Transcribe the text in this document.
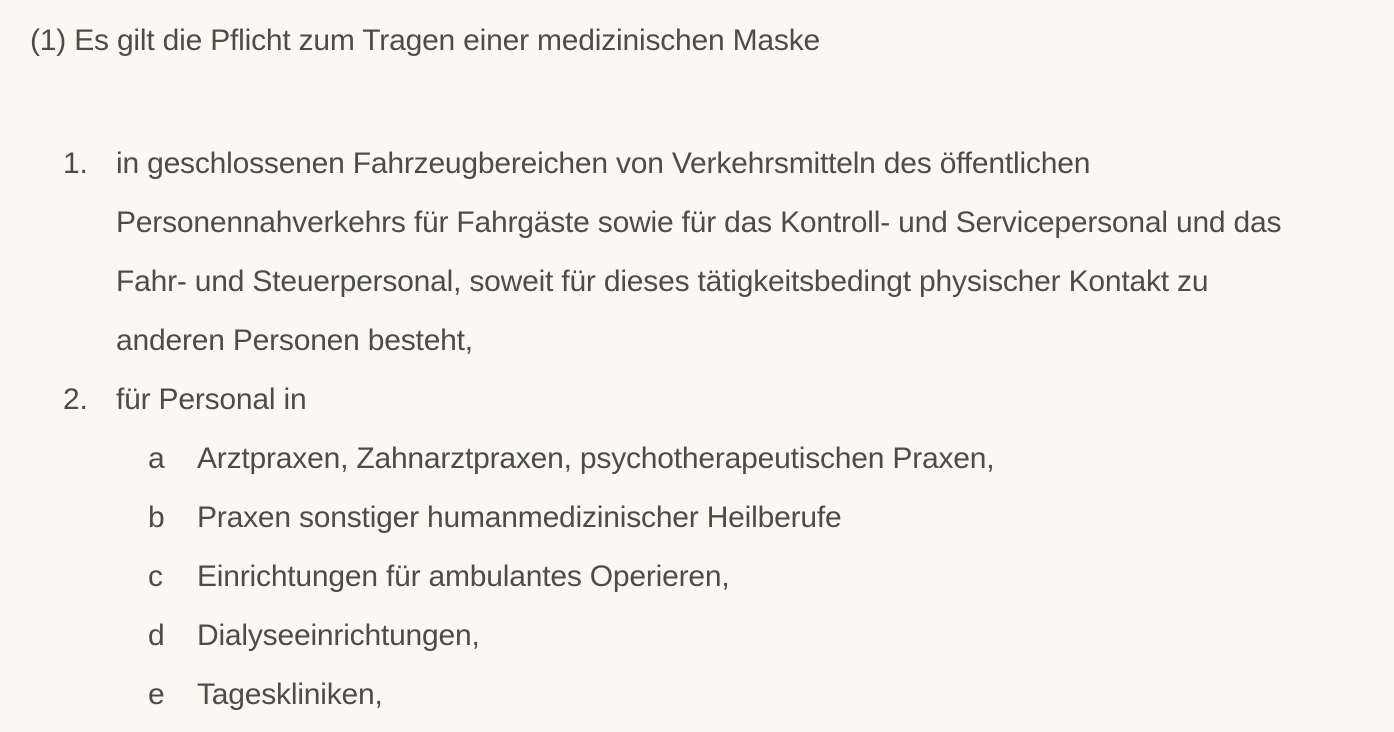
(1) Es gilt die Pflicht zum Tragen einer medizinischen Maske

1. in geschlossenen Fahrzeugbereichen von Verkehrsmitteln des öffentlichen Personennahverkehrs für Fahrgäste sowie für das Kontroll- und Servicepersonal und das Fahr- und Steuerpersonal, soweit für dieses tätigkeitsbedingt physischer Kontakt zu anderen Personen besteht,
2. für Personal in
a	Arztpraxen, Zahnarztpraxen, psychotherapeutischen Praxen,
b	Praxen sonstiger humanmedizinischer Heilberufe
c	Einrichtungen für ambulantes Operieren,
d	Dialyseeinrichtungen,
e	Tageskliniken,
